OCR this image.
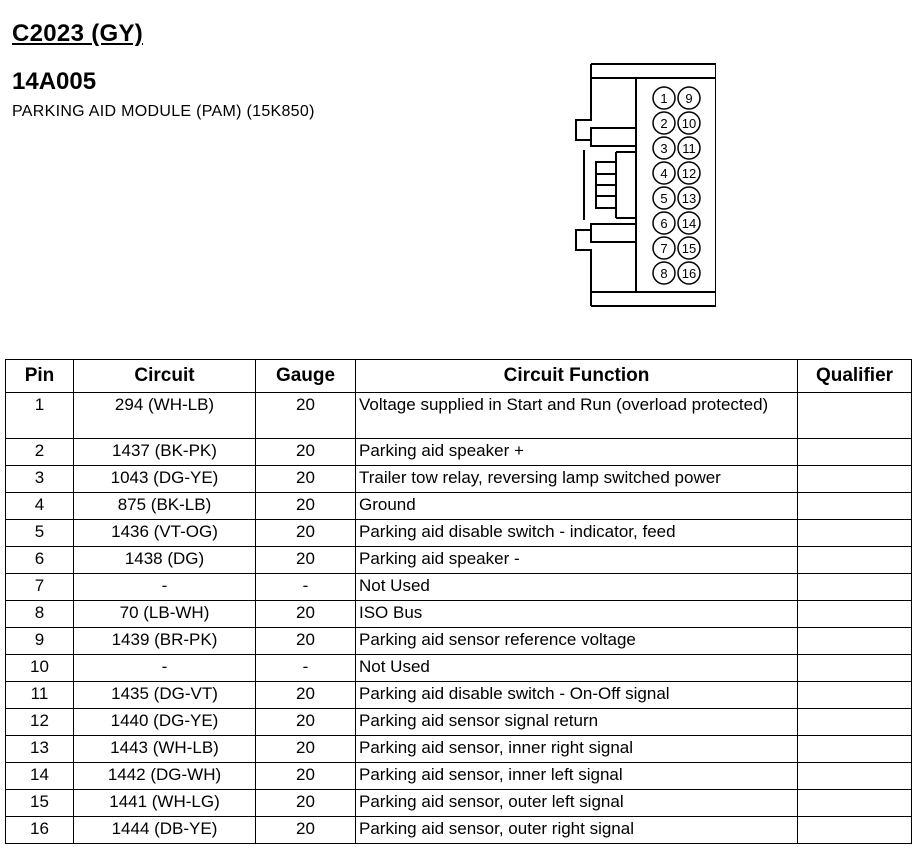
C2023 (GY)
14A005
PARKING AID MODULE (PAM) (15K850)
1
2
3
4
5
6
7
8
9
10
11
12
13
14
15
16
Pin	Circuit	Gauge	Circuit Function	Qualifier
1	294 (WH-LB)	20	Voltage supplied in Start and Run (overload protected)	
2	1437 (BK-PK)	20	Parking aid speaker +	
3	1043 (DG-YE)	20	Trailer tow relay, reversing lamp switched power	
4	875 (BK-LB)	20	Ground	
5	1436 (VT-OG)	20	Parking aid disable switch - indicator, feed	
6	1438 (DG)	20	Parking aid speaker -	
7	-	-	Not Used	
8	70 (LB-WH)	20	ISO Bus	
9	1439 (BR-PK)	20	Parking aid sensor reference voltage	
10	-	-	Not Used	
11	1435 (DG-VT)	20	Parking aid disable switch - On-Off signal	
12	1440 (DG-YE)	20	Parking aid sensor signal return	
13	1443 (WH-LB)	20	Parking aid sensor, inner right signal	
14	1442 (DG-WH)	20	Parking aid sensor, inner left signal	
15	1441 (WH-LG)	20	Parking aid sensor, outer left signal	
16	1444 (DB-YE)	20	Parking aid sensor, outer right signal	
